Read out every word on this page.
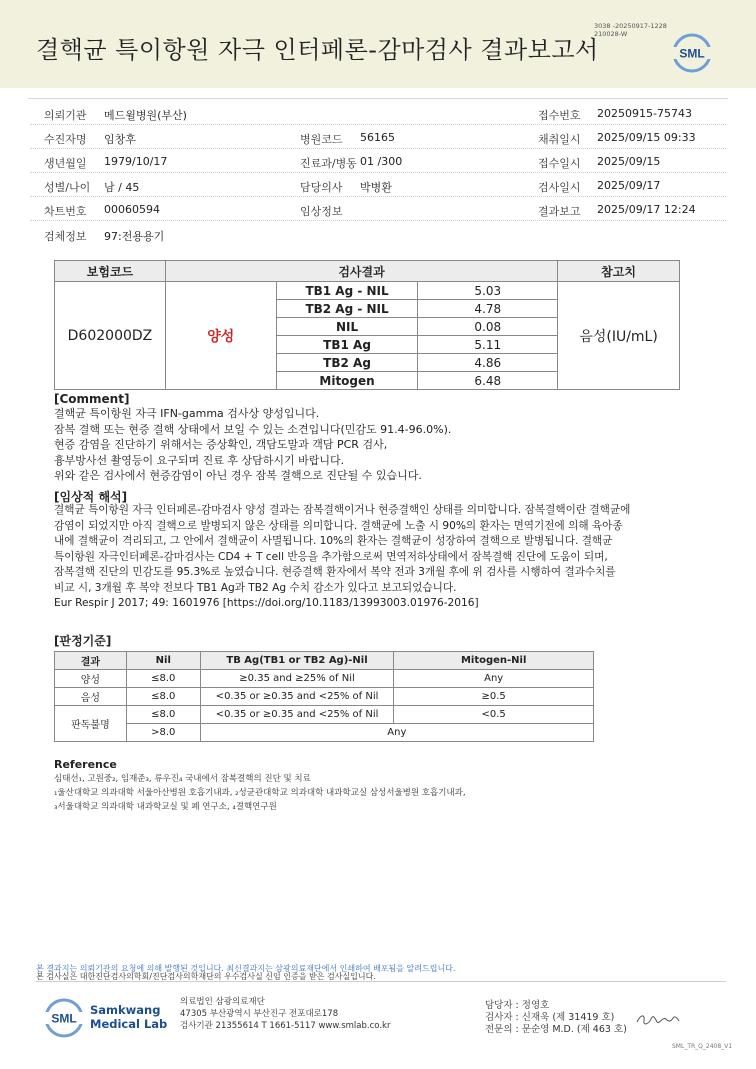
결핵균 특이항원 자극 인터페론-감마검사 결과보고서
3038 -20250917-1228
210028-W
SML
의뢰기관 메드윌병원(부산)	접수번호 20250915-75743
수진자명 임창후	병원코드 56165	채취일시 2025/09/15 09:33
생년월일 1979/10/17	진료과/병동 01 /300	접수일시 2025/09/15
성별/나이 남 / 45	담당의사 박병환	검사일시 2025/09/17
차트번호 00060594	임상정보	결과보고 2025/09/17 12:24
검체정보 97:전용용기
보험코드	검사결과			참고치
D602000DZ	양성	TB1 Ag - NIL	5.03	음성(IU/mL)
		TB2 Ag - NIL	4.78	
		NIL	0.08	
		TB1 Ag	5.11	
		TB2 Ag	4.86	
		Mitogen	6.48	
[Comment]
결핵균 특이항원 자극 IFN-gamma 검사상 양성입니다.
잠복 결핵 또는 현증 결핵 상태에서 보일 수 있는 소견입니다(민감도 91.4-96.0%).
현증 감염을 진단하기 위해서는 증상확인, 객담도말과 객담 PCR 검사,
흉부방사선 촬영등이 요구되며 진료 후 상담하시기 바랍니다.
위와 같은 검사에서 현증감염이 아닌 경우 잠복 결핵으로 진단될 수 있습니다.
[임상적 해석]
결핵균 특이항원 자극 인터페론-감마검사 양성 결과는 잠복결핵이거나 현증결핵인 상태를 의미합니다. 잠복결핵이란 결핵균에
감염이 되었지만 아직 결핵으로 발병되지 않은 상태를 의미합니다. 결핵균에 노출 시 90%의 환자는 면역기전에 의해 육아종
내에 결핵균이 격리되고, 그 안에서 결핵균이 사멸됩니다. 10%의 환자는 결핵균이 성장하여 결핵으로 발병됩니다. 결핵균
특이항원 자극인터페론-감마검사는 CD4 + T cell 반응을 추가함으로써 면역저하상태에서 잠복결핵 진단에 도움이 되며,
잠복결핵 진단의 민감도를 95.3%로 높였습니다. 현증결핵 환자에서 복약 전과 3개월 후에 위 검사를 시행하여 결과수치를
비교 시, 3개월 후 복약 전보다 TB1 Ag과 TB2 Ag 수치 감소가 있다고 보고되었습니다.
Eur Respir J 2017; 49: 1601976 [https://doi.org/10.1183/13993003.01976-2016]
[판정기준]
결과	Nil	TB Ag(TB1 or TB2 Ag)-Nil	Mitogen-Nil
양성	≤8.0	≥0.35 and ≥25% of Nil	Any
음성	≤8.0	<0.35 or ≥0.35 and <25% of Nil	≥0.5
판독불명	≤8.0	<0.35 or ≥0.35 and <25% of Nil	<0.5
	>8.0	Any	
Reference
심태선₁, 고원중₂, 임재준₃, 류우진₄ 국내에서 잠복결핵의 진단 및 치료
₁울산대학교 의과대학 서울아산병원 호흡기내과, ₂성균관대학교 의과대학 내과학교실 삼성서울병원 호흡기내과,
₃서울대학교 의과대학 내과학교실 및 폐 연구소, ₄결핵연구원
본 결과지는 의뢰기관의 요청에 의해 발행된 것입니다. 최신결과지는 삼광의료재단에서 인쇄하여 배포됨을 알려드립니다.
본 검사실은 대한진단검사의학회/진단검사의학재단의 우수검사실 신임 인증을 받은 검사실입니다.
SML
Samkwang
Medical Lab
의료법인 삼광의료재단
47305 부산광역시 부산진구 전포대로178
검사기관 21355614 T 1661-5117 www.smlab.co.kr
담당자 : 정영호
검사자 : 신재욱 (제 31419 호)
전문의 : 문순영 M.D. (제 463 호)
SML_TR_Q_2408_V1
